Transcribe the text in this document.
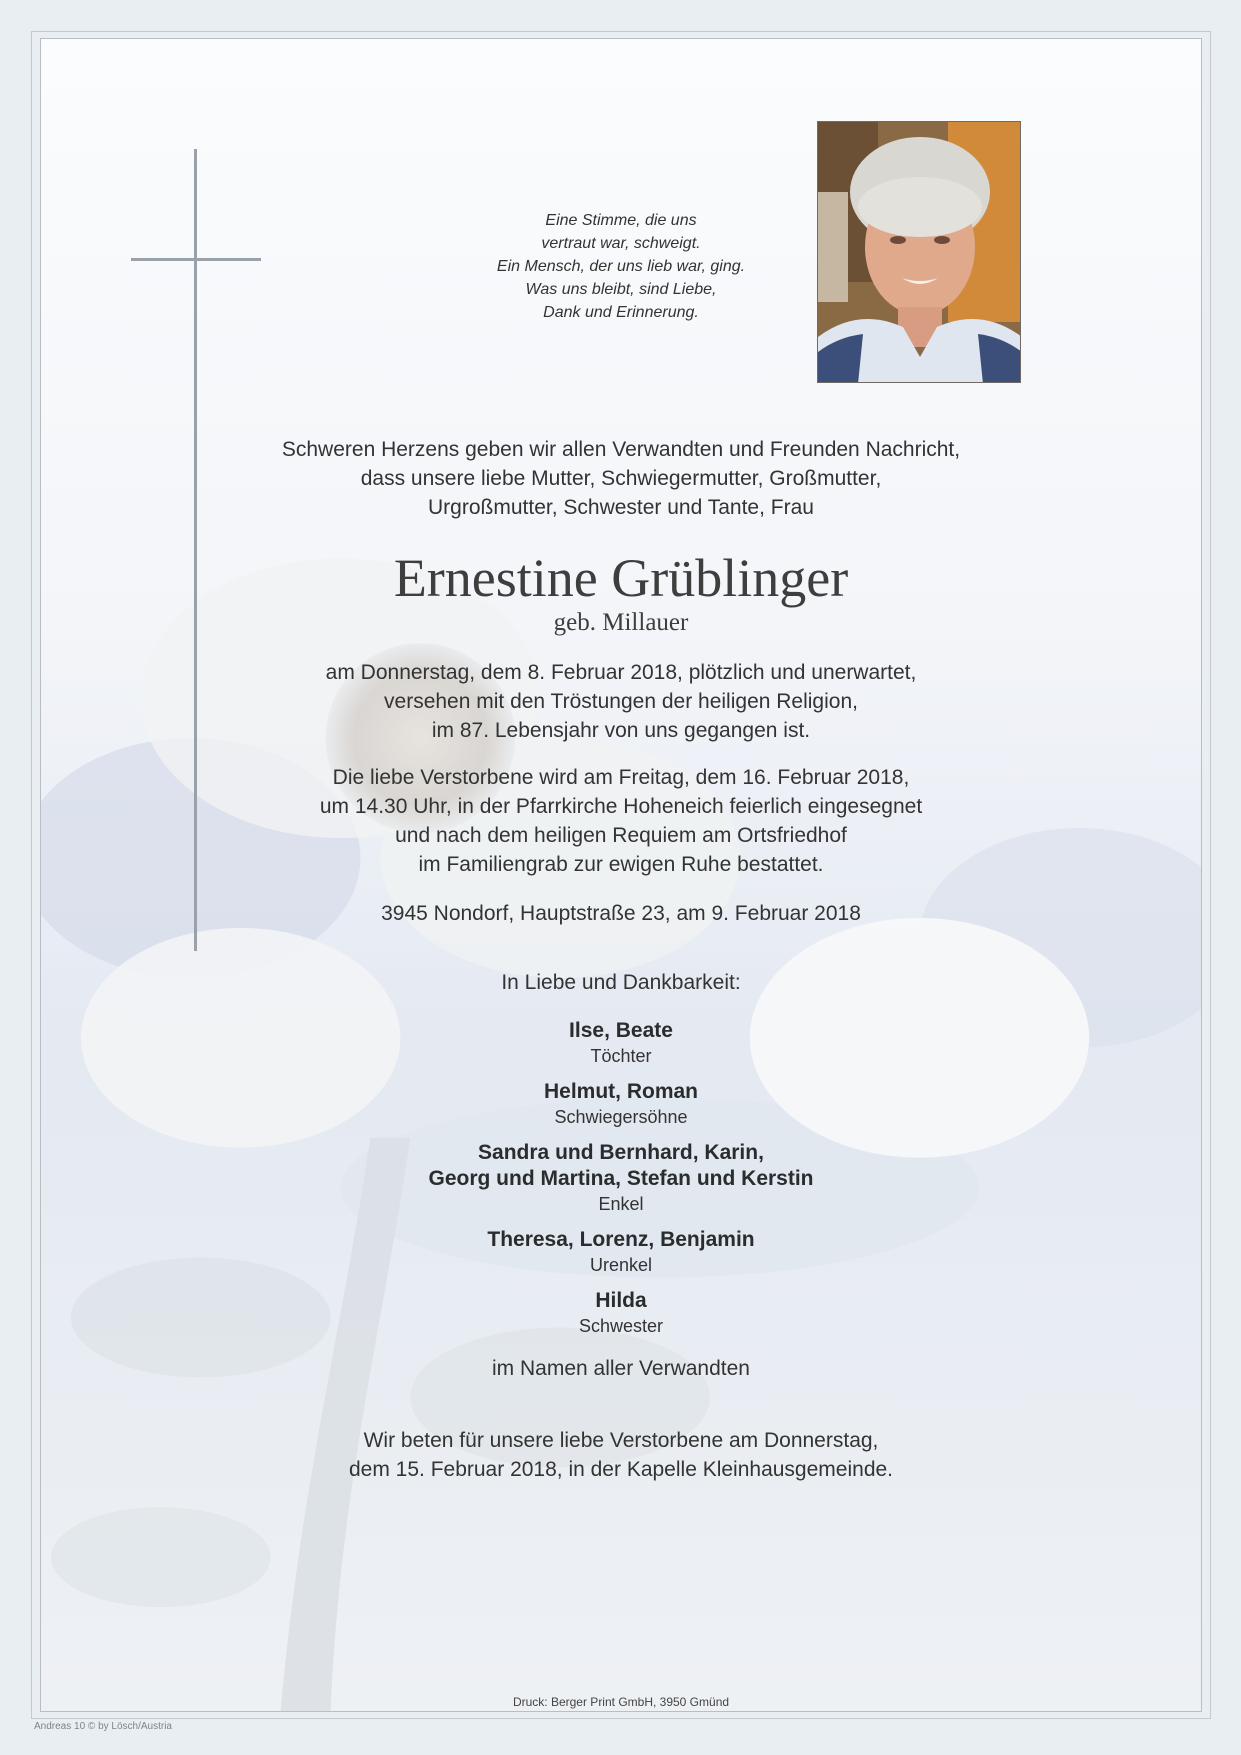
Eine Stimme, die uns
vertraut war, schweigt.
Ein Mensch, der uns lieb war, ging.
Was uns bleibt, sind Liebe,
Dank und Erinnerung.
Schweren Herzens geben wir allen Verwandten und Freunden Nachricht,
dass unsere liebe Mutter, Schwiegermutter, Großmutter,
Urgroßmutter, Schwester und Tante, Frau
Ernestine Grüblinger
geb. Millauer
am Donnerstag, dem 8. Februar 2018, plötzlich und unerwartet,
versehen mit den Tröstungen der heiligen Religion,
im 87. Lebensjahr von uns gegangen ist.
Die liebe Verstorbene wird am Freitag, dem 16. Februar 2018,
um 14.30 Uhr, in der Pfarrkirche Hoheneich feierlich eingesegnet
und nach dem heiligen Requiem am Ortsfriedhof
im Familiengrab zur ewigen Ruhe bestattet.
3945 Nondorf, Hauptstraße 23, am 9. Februar 2018
In Liebe und Dankbarkeit:
Ilse, Beate
Töchter
Helmut, Roman
Schwiegersöhne
Sandra und Bernhard, Karin,
Georg und Martina, Stefan und Kerstin
Enkel
Theresa, Lorenz, Benjamin
Urenkel
Hilda
Schwester
im Namen aller Verwandten
Wir beten für unsere liebe Verstorbene am Donnerstag,
dem 15. Februar 2018, in der Kapelle Kleinhausgemeinde.
Druck: Berger Print GmbH, 3950 Gmünd
Andreas 10 © by Lösch/Austria
